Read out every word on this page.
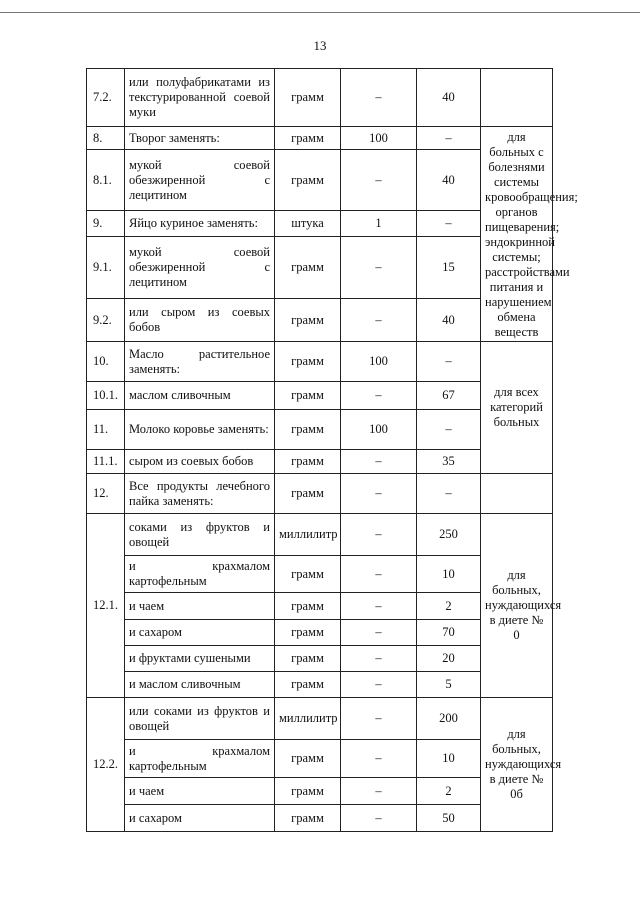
13
7.2.	или полуфабрикатами из текстурированной соевой муки	грамм	–	40	
8.	Творог заменять:	грамм	100	–	для больных с болезнями системы кровообращения; органов пищеварения; эндокринной системы; расстройствами питания и нарушением обмена веществ
8.1.	мукой соевой обезжиренной с лецитином	грамм	–	40	
9.	Яйцо куриное заменять:	штука	1	–	
9.1.	мукой соевой обезжиренной с лецитином	грамм	–	15	
9.2.	или сыром из соевых бобов	грамм	–	40	
10.	Масло растительное заменять:	грамм	100	–	для всех категорий больных
10.1.	маслом сливочным	грамм	–	67	
11.	Молоко коровье заменять:	грамм	100	–	
11.1.	сыром из соевых бобов	грамм	–	35	
12.	Все продукты лечебного пайка заменять:	грамм	–	–	
12.1.	соками из фруктов и овощей	миллилитр	–	250	для больных, нуждающихся в диете № 0
	и крахмалом картофельным	грамм	–	10	
	и чаем	грамм	–	2	
	и сахаром	грамм	–	70	
	и фруктами сушеными	грамм	–	20	
	и маслом сливочным	грамм	–	5	
12.2.	или соками из фруктов и овощей	миллилитр	–	200	для больных, нуждающихся в диете № 0б
	и крахмалом картофельным	грамм	–	10	
	и чаем	грамм	–	2	
	и сахаром	грамм	–	50	
